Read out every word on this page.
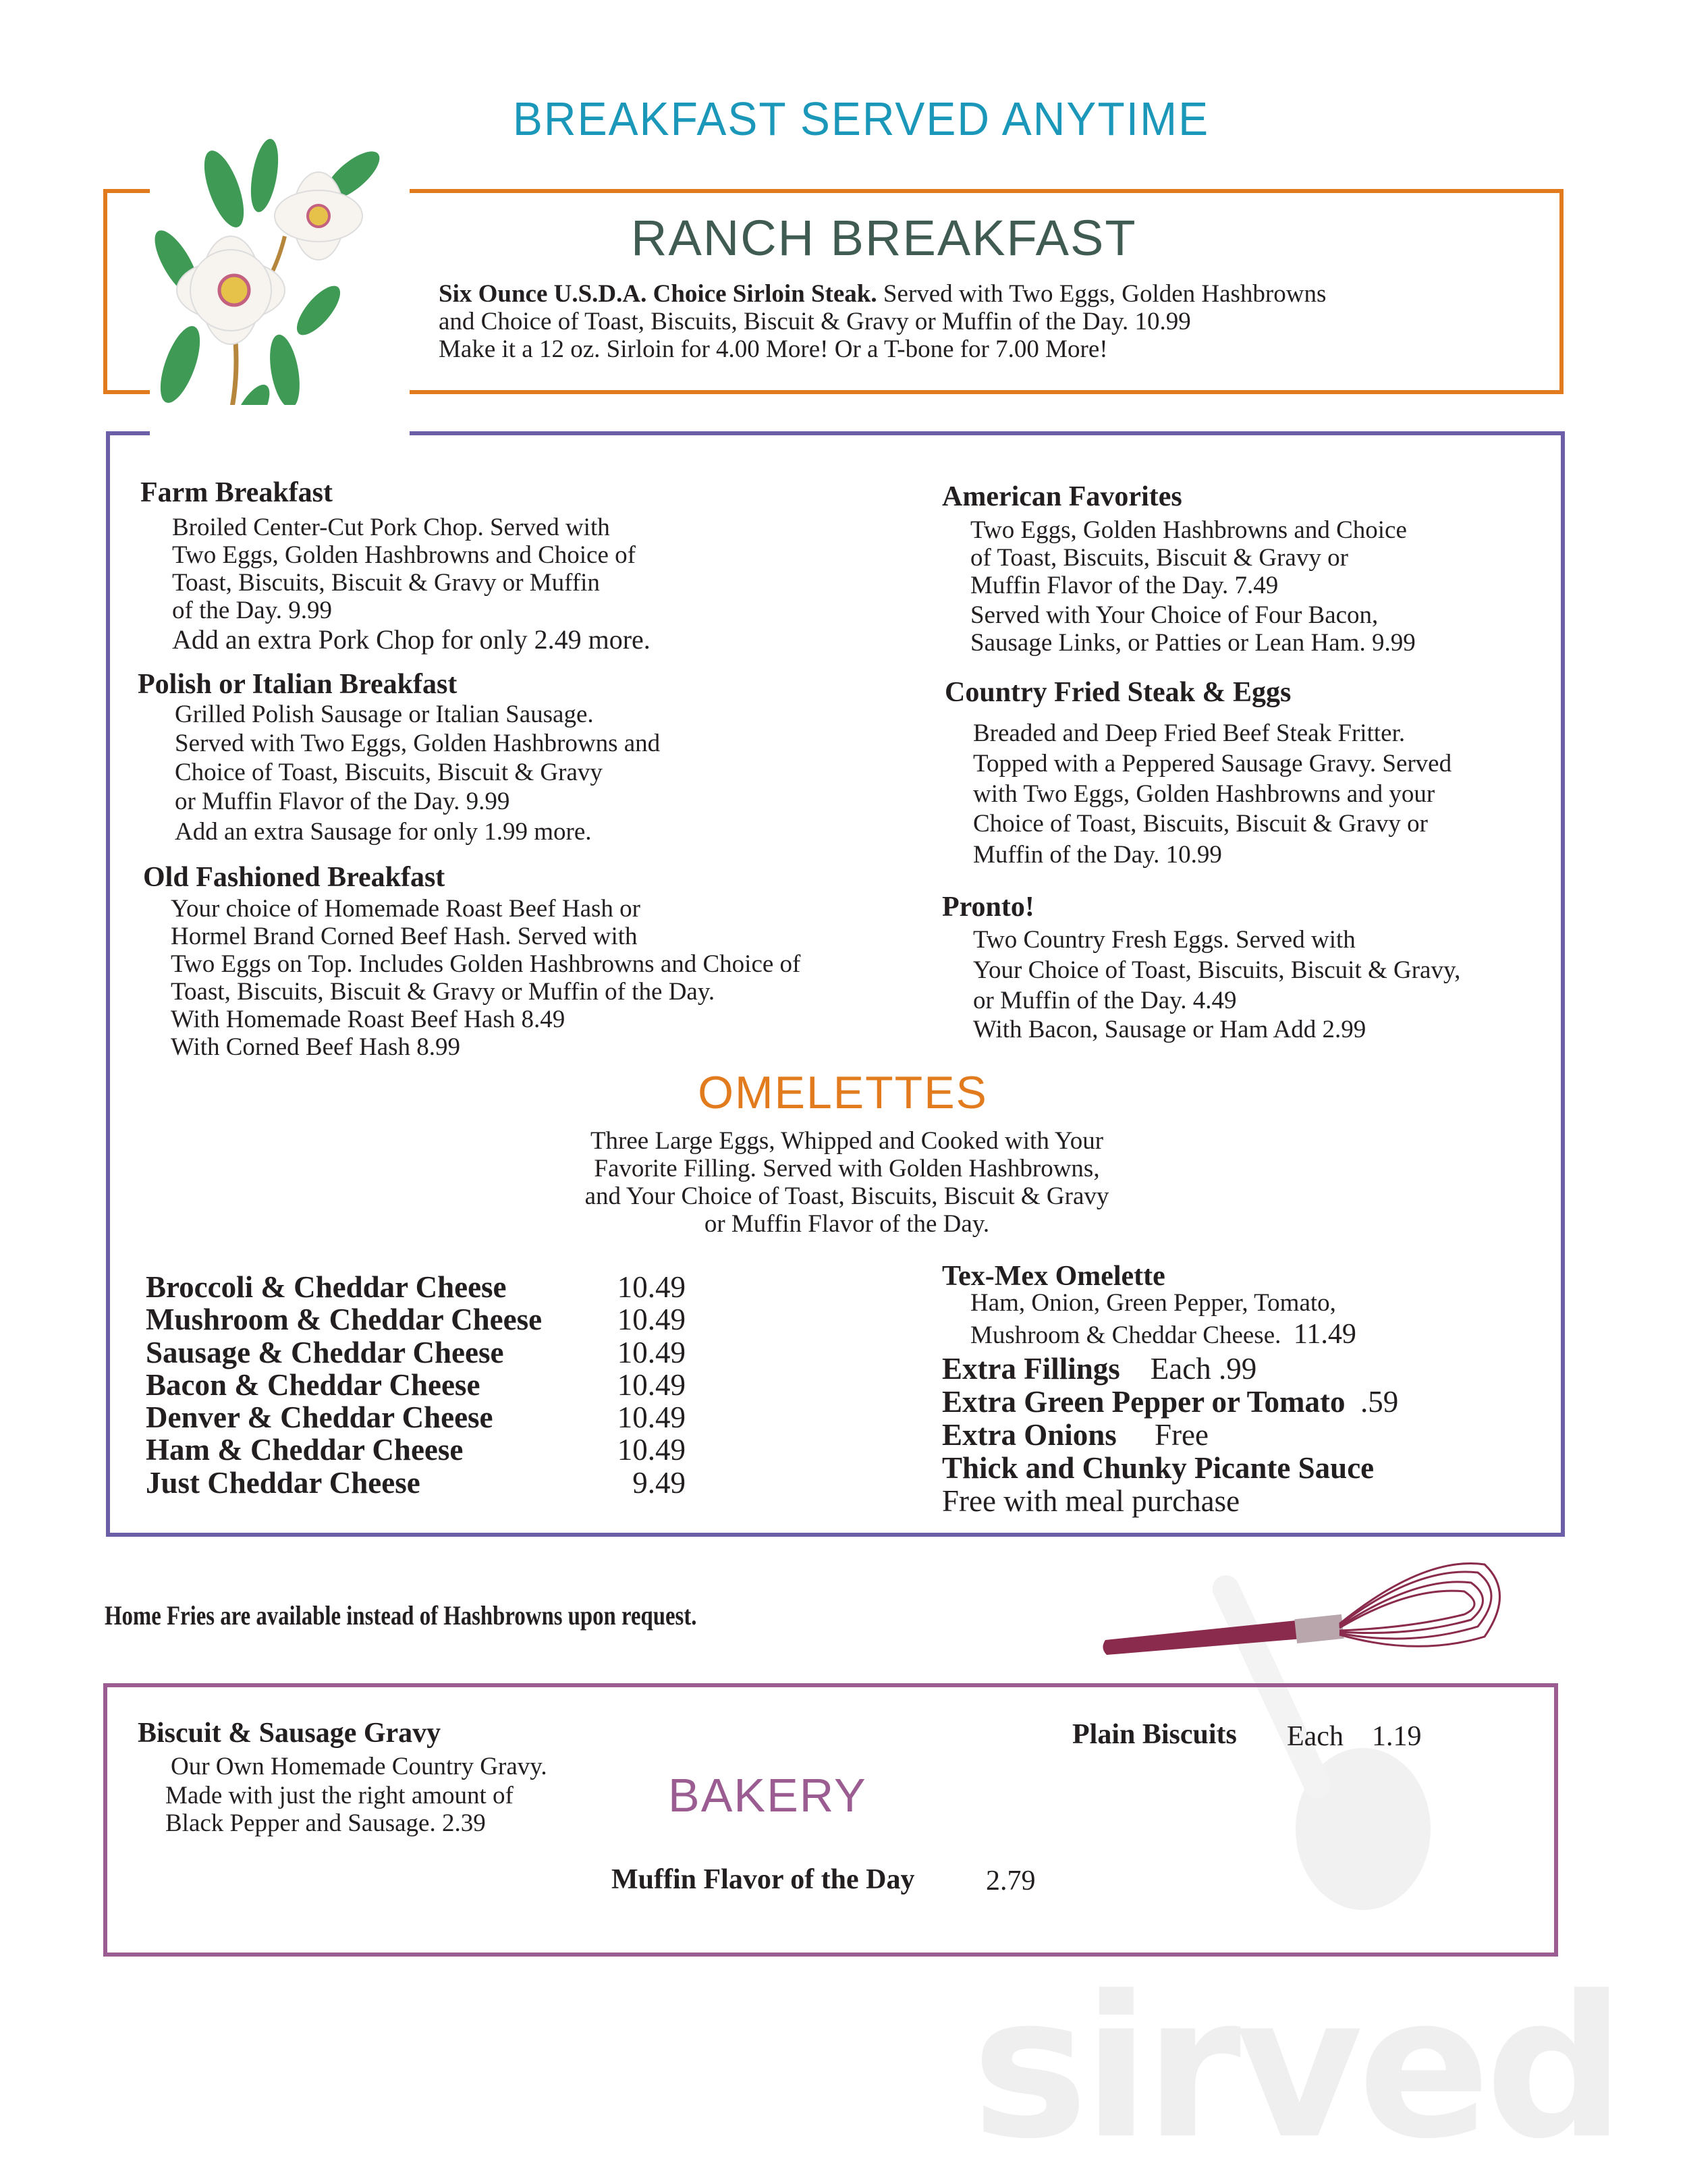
sirved
BREAKFAST SERVED ANYTIME
RANCH BREAKFAST
Six Ounce U.S.D.A. Choice Sirloin Steak. Served with Two Eggs, Golden Hashbrowns
and Choice of Toast, Biscuits, Biscuit & Gravy or Muffin of the Day. 10.99
Make it a 12 oz. Sirloin for 4.00 More! Or a T-bone for 7.00 More!
Farm Breakfast
Broiled Center-Cut Pork Chop. Served with
Two Eggs, Golden Hashbrowns and Choice of
Toast, Biscuits, Biscuit & Gravy or Muffin
of the Day. 9.99
Add an extra Pork Chop for only 2.49 more.
Polish or Italian Breakfast
Grilled Polish Sausage or Italian Sausage.
Served with Two Eggs, Golden Hashbrowns and
Choice of Toast, Biscuits, Biscuit & Gravy
or Muffin Flavor of the Day. 9.99
Add an extra Sausage for only 1.99 more.
Old Fashioned Breakfast
Your choice of Homemade Roast Beef Hash or
Hormel Brand Corned Beef Hash. Served with
Two Eggs on Top. Includes Golden Hashbrowns and Choice of
Toast, Biscuits, Biscuit & Gravy or Muffin of the Day.
With Homemade Roast Beef Hash 8.49
With Corned Beef Hash 8.99
American Favorites
Two Eggs, Golden Hashbrowns and Choice
of Toast, Biscuits, Biscuit & Gravy or
Muffin Flavor of the Day. 7.49
Served with Your Choice of Four Bacon,
Sausage Links, or Patties or Lean Ham. 9.99
Country Fried Steak & Eggs
Breaded and Deep Fried Beef Steak Fritter.
Topped with a Peppered Sausage Gravy. Served
with Two Eggs, Golden Hashbrowns and your
Choice of Toast, Biscuits, Biscuit & Gravy or
Muffin of the Day. 10.99
Pronto!
Two Country Fresh Eggs. Served with
Your Choice of Toast, Biscuits, Biscuit & Gravy,
or Muffin of the Day. 4.49
With Bacon, Sausage or Ham Add 2.99
OMELETTES
Three Large Eggs, Whipped and Cooked with Your
Favorite Filling. Served with Golden Hashbrowns,
and Your Choice of Toast, Biscuits, Biscuit & Gravy
or Muffin Flavor of the Day.
Broccoli & Cheddar Cheese	10.49
Mushroom & Cheddar Cheese 10.49
Sausage & Cheddar Cheese	10.49
Bacon & Cheddar Cheese	10.49
Denver & Cheddar Cheese	10.49
Ham & Cheddar Cheese	10.49
Just Cheddar Cheese	9.49
Tex-Mex Omelette
Ham, Onion, Green Pepper, Tomato,
Mushroom & Cheddar Cheese. 11.49
Extra Fillings Each .99
Extra Green Pepper or Tomato .59
Extra Onions Free
Thick and Chunky Picante Sauce
Free with meal purchase
Home Fries are available instead of Hashbrowns upon request.
Biscuit & Sausage Gravy
Our Own Homemade Country Gravy.
Made with just the right amount of
Black Pepper and Sausage. 2.39
BAKERY
Plain Biscuits Each 1.19
Muffin Flavor of the Day	2.79
